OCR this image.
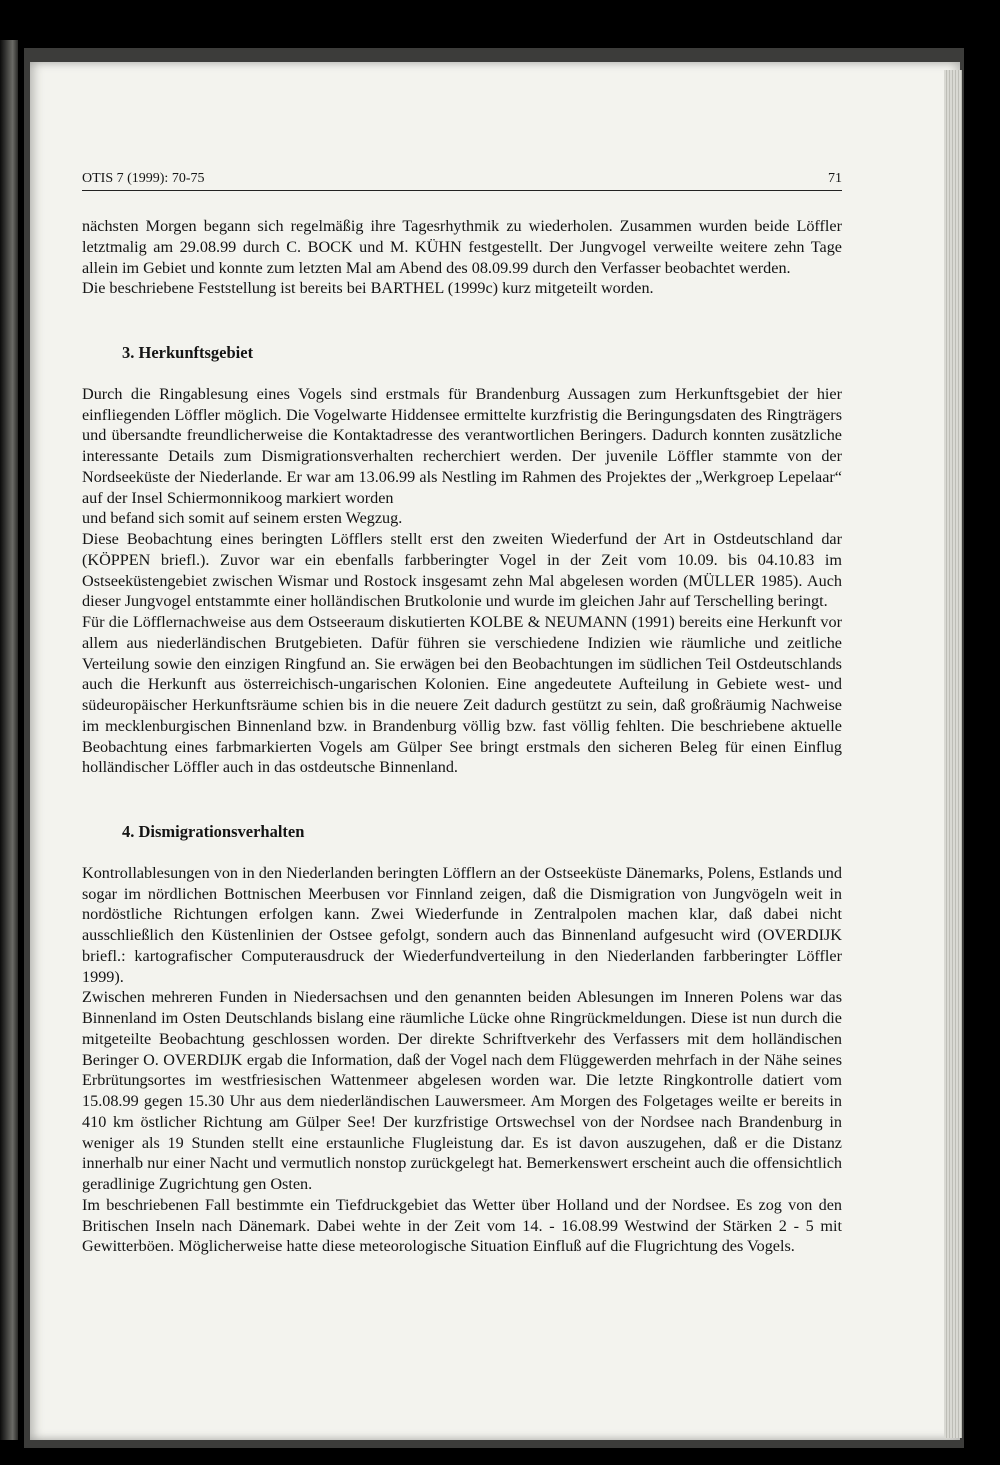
OTIS 7 (1999): 70-75	71

nächsten Morgen begann sich regelmäßig ihre Tagesrhythmik zu wiederholen. Zusammen wurden beide Löffler letztmalig am 29.08.99 durch C. BOCK und M. KÜHN festgestellt. Der Jungvogel verweilte weitere zehn Tage allein im Gebiet und konnte zum letzten Mal am Abend des 08.09.99 durch den Verfasser beobachtet werden.

Die beschriebene Feststellung ist bereits bei BARTHEL (1999c) kurz mitgeteilt worden.

3. Herkunftsgebiet

Durch die Ringablesung eines Vogels sind erstmals für Brandenburg Aussagen zum Herkunftsgebiet der hier einfliegenden Löffler möglich. Die Vogelwarte Hiddensee ermittelte kurzfristig die Beringungsdaten des Ringträgers und übersandte freundlicherweise die Kontaktadresse des verantwortlichen Beringers. Dadurch konnten zusätzliche interessante Details zum Dismigrationsverhalten recherchiert werden. Der juvenile Löffler stammte von der Nordseeküste der Niederlande. Er war am 13.06.99 als Nestling im Rahmen des Projektes der „Werkgroep Lepelaar“ auf der Insel Schiermonnikoog markiert worden

und befand sich somit auf seinem ersten Wegzug.

Diese Beobachtung eines beringten Löfflers stellt erst den zweiten Wiederfund der Art in Ostdeutschland dar (KÖPPEN briefl.). Zuvor war ein ebenfalls farbberingter Vogel in der Zeit vom 10.09. bis 04.10.83 im Ostseeküstengebiet zwischen Wismar und Rostock insgesamt zehn Mal abgelesen worden (MÜLLER 1985). Auch dieser Jungvogel entstammte einer holländischen Brutkolonie und wurde im gleichen Jahr auf Terschelling beringt.

Für die Löfflernachweise aus dem Ostseeraum diskutierten KOLBE & NEUMANN (1991) bereits eine Herkunft vor allem aus niederländischen Brutgebieten. Dafür führen sie verschiedene Indizien wie räumliche und zeitliche Verteilung sowie den einzigen Ringfund an. Sie erwägen bei den Beobachtungen im südlichen Teil Ostdeutschlands auch die Herkunft aus österreichisch-ungarischen Kolonien. Eine angedeutete Aufteilung in Gebiete west- und südeuropäischer Herkunftsräume schien bis in die neuere Zeit dadurch gestützt zu sein, daß großräumig Nachweise im mecklenburgischen Binnenland bzw. in Brandenburg völlig bzw. fast völlig fehlten. Die beschriebene aktuelle Beobachtung eines farbmarkierten Vogels am Gülper See bringt erstmals den sicheren Beleg für einen Einflug holländischer Löffler auch in das ostdeutsche Binnenland.

4. Dismigrationsverhalten

Kontrollablesungen von in den Niederlanden beringten Löfflern an der Ostseeküste Dänemarks, Polens, Estlands und sogar im nördlichen Bottnischen Meerbusen vor Finnland zeigen, daß die Dismigration von Jungvögeln weit in nordöstliche Richtungen erfolgen kann. Zwei Wiederfunde in Zentralpolen machen klar, daß dabei nicht ausschließlich den Küstenlinien der Ostsee gefolgt, sondern auch das Binnenland aufgesucht wird (OVERDIJK briefl.: kartografischer Computerausdruck der Wiederfundverteilung in den Niederlanden farbberingter Löffler 1999).

Zwischen mehreren Funden in Niedersachsen und den genannten beiden Ablesungen im Inneren Polens war das Binnenland im Osten Deutschlands bislang eine räumliche Lücke ohne Ringrückmeldungen. Diese ist nun durch die mitgeteilte Beobachtung geschlossen worden. Der direkte Schriftverkehr des Verfassers mit dem holländischen Beringer O. OVERDIJK ergab die Information, daß der Vogel nach dem Flüggewerden mehrfach in der Nähe seines Erbrütungsortes im westfriesischen Wattenmeer abgelesen worden war. Die letzte Ringkontrolle datiert vom 15.08.99 gegen 15.30 Uhr aus dem niederländischen Lauwersmeer. Am Morgen des Folgetages weilte er bereits in 410 km östlicher Richtung am Gülper See! Der kurzfristige Ortswechsel von der Nordsee nach Brandenburg in weniger als 19 Stunden stellt eine erstaunliche Flugleistung dar. Es ist davon auszugehen, daß er die Distanz innerhalb nur einer Nacht und vermutlich nonstop zurückgelegt hat. Bemerkenswert erscheint auch die offensichtlich geradlinige Zugrichtung gen Osten.

Im beschriebenen Fall bestimmte ein Tiefdruckgebiet das Wetter über Holland und der Nordsee. Es zog von den Britischen Inseln nach Dänemark. Dabei wehte in der Zeit vom 14. - 16.08.99 Westwind der Stärken 2 - 5 mit Gewitterböen. Möglicherweise hatte diese meteorologische Situation Einfluß auf die Flugrichtung des Vogels.
